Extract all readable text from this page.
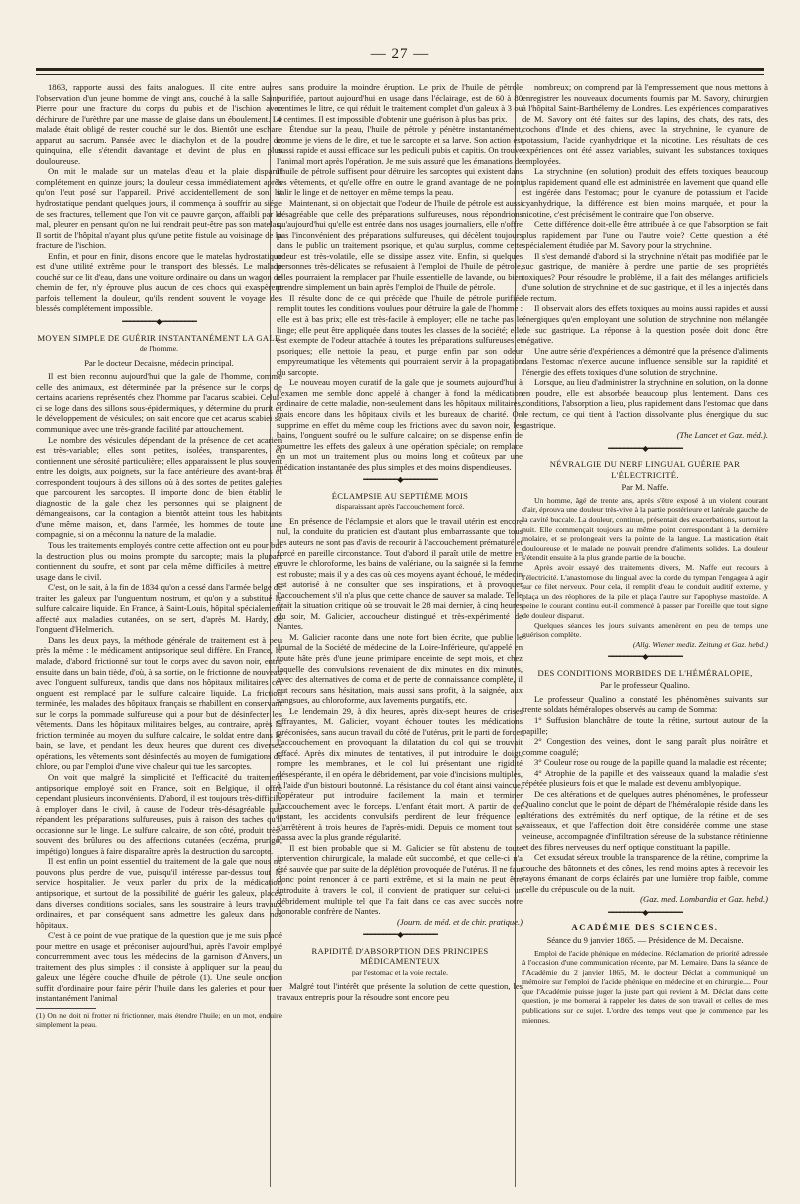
— 27 —

1863, rapporte aussi des faits analogues. Il cite entre autres l'observation d'un jeune homme de vingt ans, couché à la salle Saint-Pierre pour une fracture du corps du pubis et de l'ischion avec déchirure de l'urèthre par une masse de glaise dans un éboulement. Le malade était obligé de rester couché sur le dos. Bientôt une eschare apparut au sacrum. Pansée avec le diachylon et de la poudre de quinquina, elle s'étendit davantage et devint de plus en plus douloureuse.

On mit le malade sur un matelas d'eau et la plaie disparut complétement en quinze jours; la douleur cessa immédiatement après qu'on l'eut posé sur l'appareil. Privé accidentellement de son lit hydrostatique pendant quelques jours, il commença à souffrir au siége de ses fractures, tellement que l'on vit ce pauvre garçon, affaibli par le mal, pleurer en pensant qu'on ne lui rendrait peut-être pas son matelas. Il sortit de l'hôpital n'ayant plus qu'une petite fistule au voisinage de la fracture de l'ischion.

Enfin, et pour en finir, disons encore que le matelas hydrostatique est d'une utilité extrême pour le transport des blessés. Le malade couché sur ce lit d'eau, dans une voiture ordinaire ou dans un wagon de chemin de fer, n'y éprouve plus aucun de ces chocs qui exaspèrent parfois tellement la douleur, qu'ils rendent souvent le voyage des blessés complétement impossible.

━━━━━━━━━◆━━━━━━━━━

MOYEN SIMPLE DE GUÉRIR INSTANTANÉMENT LA GALE

de l'homme.

Par le docteur Decaisne, médecin principal.

Il est bien reconnu aujourd'hui que la gale de l'homme, comme celle des animaux, est déterminée par la présence sur le corps de certains acariens représentés chez l'homme par l'acarus scabiei. Celui-ci se loge dans des sillons sous-épidermiques, y détermine du prurit et le développement de vésicules; on sait encore que cet acarus scabiei se communique avec une très-grande facilité par attouchement.

Le nombre des vésicules dépendant de la présence de cet acarien est très-variable; elles sont petites, isolées, transparentes, et contiennent une sérosité particulière; elles apparaissent le plus souvent entre les doigts, aux poignets, sur la face antérieure des avant-bras et correspondent toujours à des sillons où à des sortes de petites galeries que parcourent les sarcoptes. Il importe donc de bien établir le diagnostic de la gale chez les personnes qui se plaignent de démangeaisons, car la contagion a bientôt atteint tous les habitants d'une même maison, et, dans l'armée, les hommes de toute une compagnie, si on a méconnu la nature de la maladie.

Tous les traitements employés contre cette affection ont eu pour but la destruction plus ou moins prompte du sarcopte; mais la plupart contiennent du soufre, et sont par cela même difficiles à mettre en usage dans le civil.

C'est, on le sait, à la fin de 1834 qu'on a cessé dans l'armée belge de traiter les galeux par l'unguentum nostrum, et qu'on y a substitué le sulfure calcaire liquide. En France, à Saint-Louis, hôpital spécialement affecté aux maladies cutanées, on se sert, d'après M. Hardy, de l'onguent d'Helmerich.

Dans les deux pays, la méthode générale de traitement est à peu près la même : le médicament antipsorique seul diffère. En France, le malade, d'abord frictionné sur tout le corps avec du savon noir, entre ensuite dans un bain tiède, d'où, à sa sortie, on le frictionne de nouveau avec l'onguent sulfureux, tandis que dans nos hôpitaux militaires cet onguent est remplacé par le sulfure calcaire liquide. La friction terminée, les malades des hôpitaux français se rhabillent en conservant sur le corps la pommade sulfureuse qui a pour but de désinfecter les vêtements. Dans les hôpitaux militaires belges, au contraire, après la friction terminée au moyen du sulfure calcaire, le soldat entre dans le bain, se lave, et pendant les deux heures que durent ces diverses opérations, les vêtements sont désinfectés au moyen de fumigations de chlore, ou par l'emploi d'une vive chaleur qui tue les sarcoptes.

On voit que malgré la simplicité et l'efficacité du traitement antipsorique employé soit en France, soit en Belgique, il offre cependant plusieurs inconvénients. D'abord, il est toujours très-difficile à employer dans le civil, à cause de l'odeur très-désagréable que répandent les préparations sulfureuses, puis à raison des taches qu'il occasionne sur le linge. Le sulfure calcaire, de son côté, produit très-souvent des brûlures ou des affections cutanées (eczéma, prurigo, impétigo) longues à faire disparaître après la destruction du sarcopte.

Il est enfin un point essentiel du traitement de la gale que nous ne pouvons plus perdre de vue, puisqu'il intéresse par-dessus tout le service hospitalier. Je veux parler du prix de la médication antipsorique, et surtout de la possibilité de guérir les galeux, placés dans diverses conditions sociales, sans les soustraire à leurs travaux ordinaires, et par conséquent sans admettre les galeux dans nos hôpitaux.

C'est à ce point de vue pratique de la question que je me suis placé pour mettre en usage et préconiser aujourd'hui, après l'avoir employé concurremment avec tous les médecins de la garnison d'Anvers, un traitement des plus simples : il consiste à appliquer sur la peau du galeux une légère couche d'huile de pétrole (1). Une seule onction suffit d'ordinaire pour faire périr l'huile dans les galeries et pour tuer instantanément l'animal

(1) On ne doit ni frotter ni frictionner, mais étendre l'huile; en un mot, enduire simplement la peau.

sans produire la moindre éruption. Le prix de l'huile de pétrole purifiée, partout aujourd'hui en usage dans l'éclairage, est de 60 à 80 centimes le litre, ce qui réduit le traitement complet d'un galeux à 3 ou 4 centimes. Il est impossible d'obtenir une guérison à plus bas prix.

Étendue sur la peau, l'huile de pétrole y pénètre instantanément, comme je viens de le dire, et tue le sarcopte et sa larve. Son action est aussi rapide et aussi efficace sur les pediculi pubis et capitis. On trouve l'animal mort après l'opération. Je me suis assuré que les émanations de l'huile de pétrole suffisent pour détruire les sarcoptes qui existent dans les vêtements, et qu'elle offre en outre le grand avantage de ne point salir le linge et de nettoyer en même temps la peau.

Maintenant, si on objectait que l'odeur de l'huile de pétrole est aussi désagréable que celle des préparations sulfureuses, nous répondrions qu'aujourd'hui qu'elle est entrée dans nos usages journaliers, elle n'offre pas l'inconvénient des préparations sulfureuses, qui décèlent toujours dans le public un traitement psorique, et qu'au surplus, comme cette odeur est très-volatile, elle se dissipe assez vite. Enfin, si quelques personnes très-délicates se refusaient à l'emploi de l'huile de pétrole, elles pourraient la remplacer par l'huile essentielle de lavande, ou bien prendre simplement un bain après l'emploi de l'huile de pétrole.

Il résulte donc de ce qui précède que l'huile de pétrole purifiée remplit toutes les conditions voulues pour détruire la gale de l'homme : elle est à bas prix; elle est très-facile à employer; elle ne tache pas le linge; elle peut être appliquée dans toutes les classes de la société; elle est exempte de l'odeur attachée à toutes les préparations sulfureuses et psoriques; elle nettoie la peau, et purge enfin par son odeur empyreumatique les vêtements qui pourraient servir à la propagation du sarcopte.

Le nouveau moyen curatif de la gale que je soumets aujourd'hui à l'examen me semble donc appelé à changer à fond la médication ordinaire de cette maladie, non-seulement dans les hôpitaux militaires, mais encore dans les hôpitaux civils et les bureaux de charité. On supprime en effet du même coup les frictions avec du savon noir, les bains, l'onguent soufré ou le sulfure calcaire; on se dispense enfin de soumettre les effets des galeux à une opération spéciale; on remplace en un mot un traitement plus ou moins long et coûteux par une médication instantanée des plus simples et des moins dispendieuses.

━━━━━━━━━◆━━━━━━━━━

ÉCLAMPSIE AU SEPTIÈME MOIS

disparaissant après l'accouchement forcé.

En présence de l'éclampsie et alors que le travail utérin est encore nul, la conduite du praticien est d'autant plus embarrassante que tous les auteurs ne sont pas d'avis de recourir à l'accouchement prématuré et forcé en pareille circonstance. Tout d'abord il paraît utile de mettre en œuvre le chloroforme, les bains de valériane, ou la saignée si la femme est robuste; mais il y a des cas où ces moyens ayant échoué, le médecin est autorisé à ne consulter que ses inspirations, et à provoquer l'accouchement s'il n'a plus que cette chance de sauver sa malade. Telle était la situation critique où se trouvait le 28 mai dernier, à cinq heures du soir, M. Galicier, accoucheur distingué et très-expérimenté de Nantes.

M. Galicier raconte dans une note fort bien écrite, que publie le Journal de la Société de médecine de la Loire-Inférieure, qu'appelé en toute hâte près d'une jeune primipare enceinte de sept mois, et chez laquelle des convulsions revenaient de dix minutes en dix minutes, avec des alternatives de coma et de perte de connaissance complète, il eut recours sans hésitation, mais aussi sans profit, à la saignée, aux sangsues, au chloroforme, aux lavements purgatifs, etc.

Le lendemain 29, à dix heures, après dix-sept heures de crises effrayantes, M. Galicier, voyant échouer toutes les médications préconisées, sans aucun travail du côté de l'utérus, prit le parti de forcer l'accouchement en provoquant la dilatation du col qui se trouvait effacé. Après dix minutes de tentatives, il put introduire le doigt, rompre les membranes, et le col lui présentant une rigidité désespérante, il en opéra le débridement, par voie d'incisions multiples, à l'aide d'un bistouri boutonné. La résistance du col étant ainsi vaincue, l'opérateur put introduire facilement la main et terminer l'accouchement avec le forceps. L'enfant était mort. A partir de cet instant, les accidents convulsifs perdirent de leur fréquence et s'arrêtèrent à trois heures de l'après-midi. Depuis ce moment tout se passa avec la plus grande régularité.

Il est bien probable que si M. Galicier se fût abstenu de toute intervention chirurgicale, la malade eût succombé, et que celle-ci n'a été sauvée que par suite de la déplétion provoquée de l'utérus. Il ne faut donc point renoncer à ce parti extrême, et si la main ne peut être introduite à travers le col, il convient de pratiquer sur celui-ci un débridement multiple tel que l'a fait dans ce cas avec succès notre honorable confrère de Nantes.

(Journ. de méd. et de chir. pratique.)

━━━━━━━━━◆━━━━━━━━━

RAPIDITÉ D'ABSORPTION DES PRINCIPES MÉDICAMENTEUX

par l'estomac et la voie rectale.

Malgré tout l'intérêt que présente la solution de cette question, les travaux entrepris pour la résoudre sont encore peu

nombreux; on comprend par là l'empressement que nous mettons à enregistrer les nouveaux documents fournis par M. Savory, chirurgien à l'hôpital Saint-Barthélemy de Londres. Les expériences comparatives de M. Savory ont été faites sur des lapins, des chats, des rats, des cochons d'Inde et des chiens, avec la strychnine, le cyanure de potassium, l'acide cyanhydrique et la nicotine. Les résultats de ces expériences ont été assez variables, suivant les substances toxiques employées.

La strychnine (en solution) produit des effets toxiques beaucoup plus rapidement quand elle est administrée en lavement que quand elle est ingérée dans l'estomac; pour le cyanure de potassium et l'acide cyanhydrique, la différence est bien moins marquée, et pour la nicotine, c'est précisément le contraire que l'on observe.

Cette différence doit-elle être attribuée à ce que l'absorption se fait plus rapidement par l'une ou l'autre voie? Cette question a été spécialement étudiée par M. Savory pour la strychnine.

Il s'est demandé d'abord si la strychnine n'était pas modifiée par le suc gastrique, de manière à perdre une partie de ses propriétés toxiques? Pour résoudre le problème, il a fait des mélanges artificiels d'une solution de strychnine et de suc gastrique, et il les a injectés dans le rectum.

Il observait alors des effets toxiques au moins aussi rapides et aussi énergiques qu'en employant une solution de strychnine non mélangée de suc gastrique. La réponse à la question posée doit donc être négative.

Une autre série d'expériences a démontré que la présence d'aliments dans l'estomac n'exerce aucune influence sensible sur la rapidité et l'énergie des effets toxiques d'une solution de strychnine.

Lorsque, au lieu d'administrer la strychnine en solution, on la donne en poudre, elle est absorbée beaucoup plus lentement. Dans ces conditions, l'absorption a lieu, plus rapidement dans l'estomac que dans le rectum, ce qui tient à l'action dissolvante plus énergique du suc gastrique.

(The Lancet et Gaz. méd.).

━━━━━━━━━◆━━━━━━━━━

NÉVRALGIE DU NERF LINGUAL GUÉRIE PAR L'ÉLECTRICITÉ.

Par M. Naffe.

Un homme, âgé de trente ans, après s'être exposé à un violent courant d'air, éprouva une douleur très-vive à la partie postérieure et latérale gauche de la cavité buccale. La douleur, continue, présentait des exacerbations, surtout la nuit. Elle commençait toujours au même point correspondant à la dernière molaire, et se prolongeait vers la pointe de la langue. La mastication était douloureuse et le malade ne pouvait prendre d'aliments solides. La douleur s'étendit ensuite à la plus grande partie de la bouche.

Après avoir essayé des traitements divers, M. Naffe eut recours à l'électricité. L'anastomose du lingual avec la corde du tympan l'engagea à agir sur ce filet nerveux. Pour cela, il remplit d'eau le conduit auditif externe, y plaça un des réophores de la pile et plaça l'autre sur l'apophyse mastoïde. A peine le courant continu eut-il commencé à passer par l'oreille que tout signe de douleur disparut.

Quelques séances les jours suivants amenèrent en peu de temps une guérison complète.

(Allg. Wiener mediz. Zeitung et Gaz. hebd.)

━━━━━━━━━◆━━━━━━━━━

DES CONDITIONS MORBIDES DE L'HÉMÉRALOPIE,

Par le professeur Qualino.

Le professeur Qualino a constaté les phénomènes suivants sur trente soldats héméralopes observés au camp de Somma:

1° Suffusion blanchâtre de toute la rétine, surtout autour de la papille;

2° Congestion des veines, dont le sang paraît plus noirâtre et comme coagulé;

3° Couleur rose ou rouge de la papille quand la maladie est récente;

4° Atrophie de la papille et des vaisseaux quand la maladie s'est répétée plusieurs fois et que le malade est devenu amblyopique.

De ces altérations et de quelques autres phénomènes, le professeur Qualino conclut que le point de départ de l'héméralopie réside dans les altérations des extrémités du nerf optique, de la rétine et de ses vaisseaux, et que l'affection doit être considérée comme une stase veineuse, accompagnée d'infiltration séreuse de la substance rétinienne et des fibres nerveuses du nerf optique constituant la papille.

Cet exsudat séreux trouble la transparence de la rétine, comprime la couche des bâtonnets et des cônes, les rend moins aptes à recevoir les rayons émanant de corps éclairés par une lumière trop faible, comme celle du crépuscule ou de la nuit.

(Gaz. med. Lombardia et Gaz. hebd.)

━━━━━━━━━◆━━━━━━━━━

ACADÉMIE DES SCIENCES.

Séance du 9 janvier 1865. — Présidence de M. Decaisne.

Emploi de l'acide phénique en médecine. Réclamation de priorité adressée à l'occasion d'une communication récente, par M. Lemaire. Dans la séance de l'Académie du 2 janvier 1865, M. le docteur Déclat a communiqué un mémoire sur l'emploi de l'acide phénique en médecine et en chirurgie.... Pour que l'Académie puisse juger la juste part qui revient à M. Déclat dans cette question, je me bornerai à rappeler les dates de son travail et celles de mes publications sur ce sujet. L'ordre des temps veut que je commence par les miennes.
